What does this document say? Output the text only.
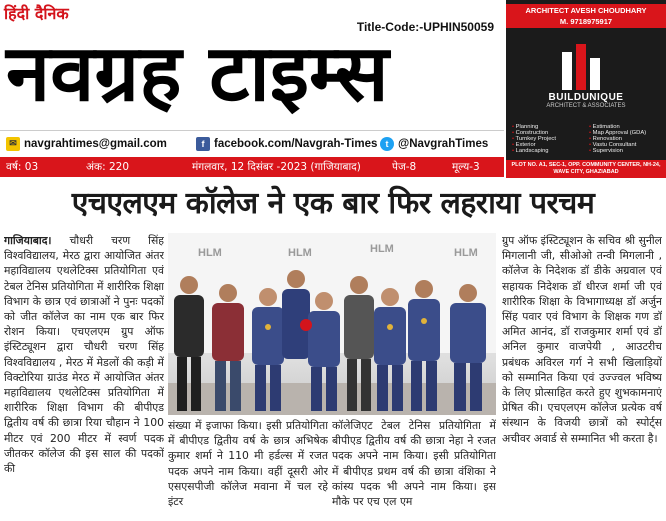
हिंदी दैनिक
Title-Code:-UPHIN50059
नवग्रह टाइम्स
✉ navgrahtimes@gmail.com	f facebook.com/Navgrah-Times t @NavgrahTimes
वर्ष: 03	अंक: 220	मंगलवार, 12 दिसंबर -2023 (गाजियाबाद)	पेज-8	मूल्य-3
ARCHITECT AVESH CHOUDHARY
M. 9718975917
BUILDUNIQUE
ARCHITECT & ASSOCIATES
• Planning	• Estimation
• Construction	• Map Approval (GDA)
• Turnkey Project	• Renovation
• Exterior	• Vastu Consultant
• Landscaping	• Supervision
PLOT NO. A1, SEC-1, OPP. COMMUNITY CENTER, NH-24, WAVE CITY, GHAZIABAD
एचएलएम कॉलेज ने एक बार फिर लहराया परचम
गाजियाबाद। चौधरी चरण सिंह विश्वविद्यालय, मेरठ द्वारा आयोजित अंतर महाविद्यालय एथलेटिक्स प्रतियोगिता एवं टेबल टेनिस प्रतियोगिता में शारीरिक शिक्षा विभाग के छात्र एवं छात्राओं ने पुनः पदकों को जीत कॉलेज का नाम एक बार फिर रोशन किया। एचएलएम ग्रुप ऑफ इंस्टिट्यूशन द्वारा चौधरी चरण सिंह विश्वविद्यालय , मेरठ में मेडलों की कड़ी में विक्टोरिया ग्राउंड मेरठ में आयोजित अंतर महाविद्यालय एथलेटिक्स प्रतियोगिता में शारीरिक शिक्षा विभाग की बीपीएड द्वितीय वर्ष की छात्रा रिया चौहान ने 100 मीटर एवं 200 मीटर में स्वर्ण पदक जीतकर कॉलेज की इस साल की पदकों की
HLM	HLM	HLM	HLM
संख्या में इजाफा किया। इसी प्रतियोगिता में बीपीएड द्वितीय वर्ष के छात्र अभिषेक कुमार शर्मा ने 110 मी हर्डल्स में रजत पदक अपने नाम किया। वहीं दूसरी ओर एसएसपीजी कॉलेज मवाना में चल रहे इंटर
कॉलेजिएट टेबल टेनिस प्रतियोगिता में बीपीएड द्वितीय वर्ष की छात्रा नेहा ने रजत पदक अपने नाम किया। इसी प्रतियोगिता में बीपीएड प्रथम वर्ष की छात्रा वंशिका ने कांस्य पदक भी अपने नाम किया। इस मौके पर एच एल एम
ग्रुप ऑफ इंस्टिट्यूशन के सचिव श्री सुनील मिगलानी जी, सीओओ तन्वी मिगलानी , कॉलेज के निदेशक डॉ डीके अग्रवाल एवं सहायक निदेशक डॉ धीरज शर्मा जी एवं शारीरिक शिक्षा के विभागाध्यक्ष डॉ अर्जुन सिंह पवार एवं विभाग के शिक्षक गण डॉ अमित आनंद, डॉ राजकुमार शर्मा एवं डॉ अनिल कुमार वाजपेयी , आउटरीच प्रबंधक अविरल गर्ग ने सभी खिलाड़ियों को सम्मानित किया एवं उज्ज्वल भविष्य के लिए प्रोत्साहित करते हुए शुभकामनाएं प्रेषित की। एचएलएम कॉलेज प्रत्येक वर्ष संस्थान के विजयी छात्रों को स्पोर्ट्स अचीवर अवार्ड से सम्मानित भी करता है।
